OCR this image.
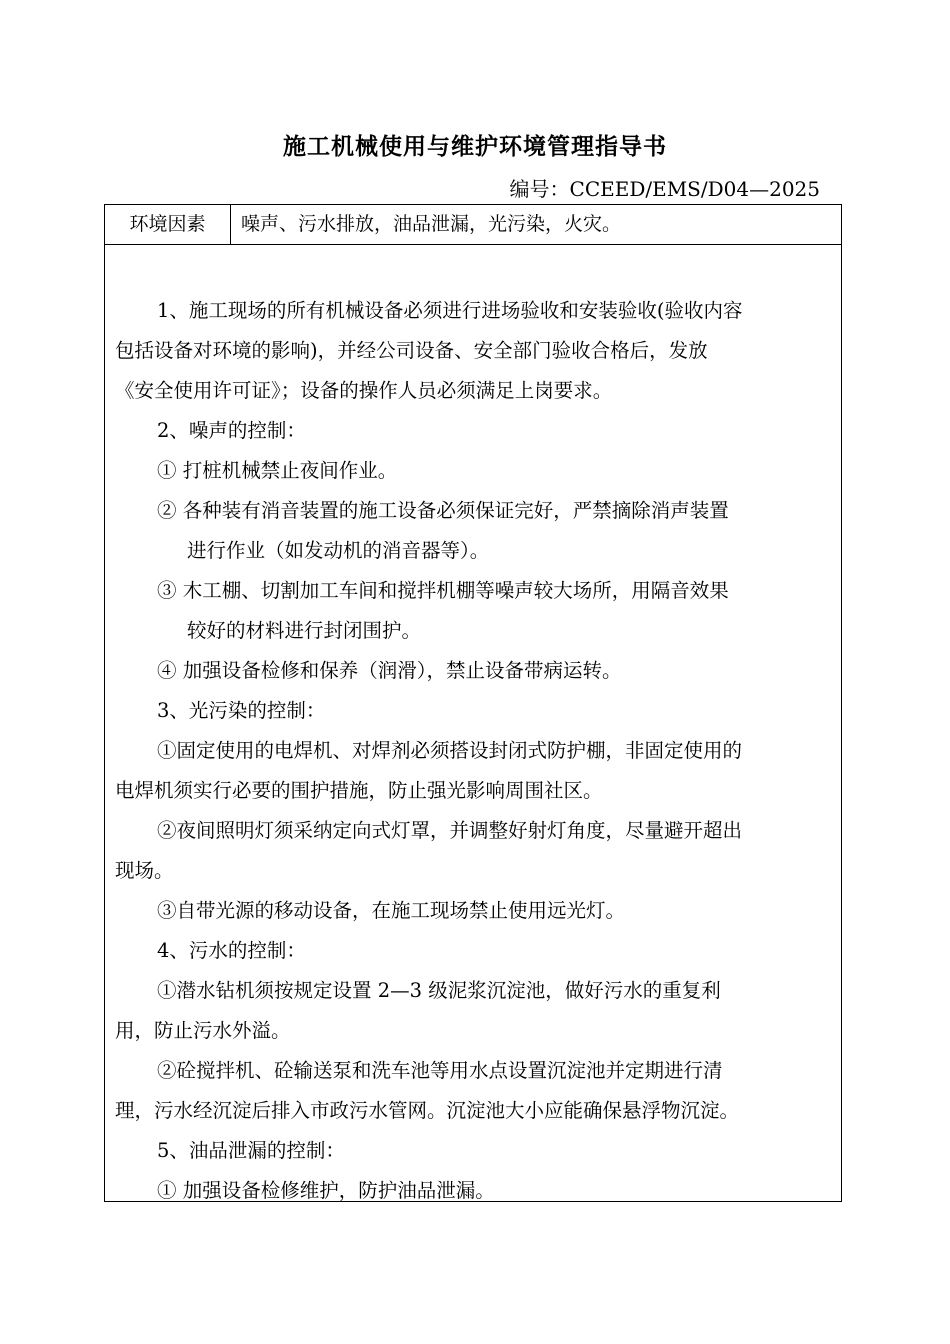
施工机械使用与维护环境管理指导书
编号：CCEED/EMS/D04—2025
环境因素	噪声、污水排放，油品泄漏，光污染，火灾。

1、施工现场的所有机械设备必须进行进场验收和安装验收(验收内容

包括设备对环境的影响)，并经公司设备、安全部门验收合格后，发放

《安全使用许可证》；设备的操作人员必须满足上岗要求。

2、噪声的控制：

① 打桩机械禁止夜间作业。

② 各种装有消音装置的施工设备必须保证完好，严禁摘除消声装置

进行作业（如发动机的消音器等）。

③ 木工棚、切割加工车间和搅拌机棚等噪声较大场所，用隔音效果

较好的材料进行封闭围护。

④ 加强设备检修和保养（润滑），禁止设备带病运转。

3、光污染的控制：

①固定使用的电焊机、对焊剂必须搭设封闭式防护棚，非固定使用的

电焊机须实行必要的围护措施，防止强光影响周围社区。

②夜间照明灯须采纳定向式灯罩，并调整好射灯角度，尽量避开超出

现场。

③自带光源的移动设备，在施工现场禁止使用远光灯。

4、污水的控制：

①潜水钻机须按规定设置 2—3 级泥浆沉淀池，做好污水的重复利

用，防止污水外溢。

②砼搅拌机、砼输送泵和洗车池等用水点设置沉淀池并定期进行清

理，污水经沉淀后排入市政污水管网。沉淀池大小应能确保悬浮物沉淀。

5、油品泄漏的控制：

① 加强设备检修维护，防护油品泄漏。
